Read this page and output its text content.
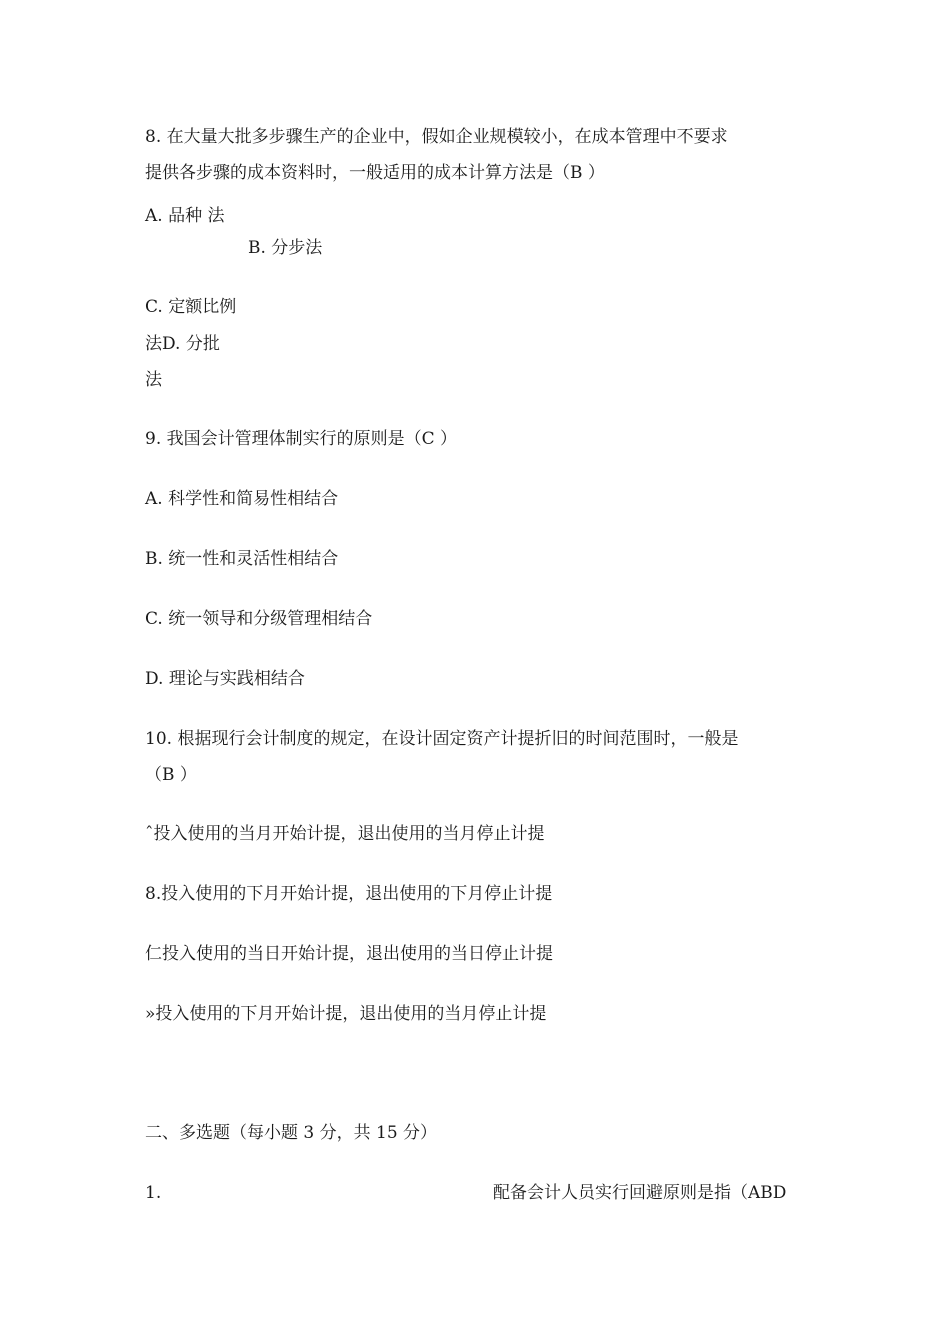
8. 在大量大批多步骤生产的企业中，假如企业规模较小，在成本管理中不要求
提供各步骤的成本资料时，一般适用的成本计算方法是（B ）
A. 品种 法
B. 分步法
C. 定额比例
法D. 分批
法
9. 我国会计管理体制实行的原则是（C ）
A. 科学性和简易性相结合
B. 统一性和灵活性相结合
C. 统一领导和分级管理相结合
D. 理论与实践相结合
10. 根据现行会计制度的规定，在设计固定资产计提折旧的时间范围时，一般是
（B ）
ˆ投入使用的当月开始计提，退出使用的当月停止计提
8.投入使用的下月开始计提，退出使用的下月停止计提
仁投入使用的当日开始计提，退出使用的当日停止计提
»投入使用的下月开始计提，退出使用的当月停止计提
二、多选题（每小题 3 分，共 15 分）
1.	配备会计人员实行回避原则是指（ABD
